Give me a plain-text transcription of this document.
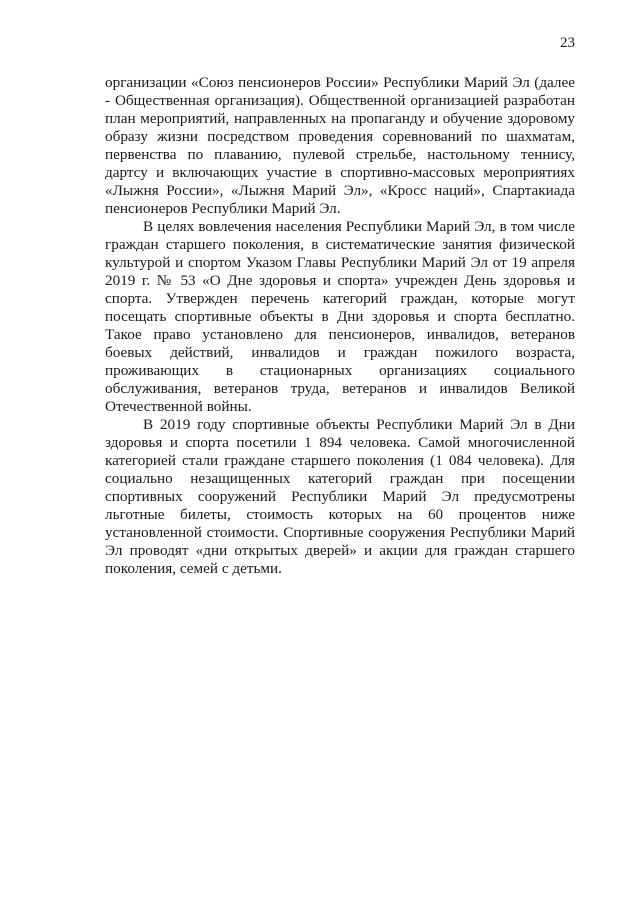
23

организации «Союз пенсионеров России» Республики Марий Эл (далее - Общественная организация). Общественной организацией разработан план мероприятий, направленных на пропаганду и обучение здоровому образу жизни посредством проведения соревнований по шахматам, первенства по плаванию, пулевой стрельбе, настольному теннису, дартсу и включающих участие в спортивно-массовых мероприятиях «Лыжня России», «Лыжня Марий Эл», «Кросс наций», Спартакиада пенсионеров Республики Марий Эл.

В целях вовлечения населения Республики Марий Эл, в том числе граждан старшего поколения, в систематические занятия физической культурой и спортом Указом Главы Республики Марий Эл от 19 апреля 2019 г. № 53 «О Дне здоровья и спорта» учрежден День здоровья и спорта. Утвержден перечень категорий граждан, которые могут посещать спортивные объекты в Дни здоровья и спорта бесплатно. Такое право установлено для пенсионеров, инвалидов, ветеранов боевых действий, инвалидов и граждан пожилого возраста, проживающих в стационарных организациях социального обслуживания, ветеранов труда, ветеранов и инвалидов Великой Отечественной войны.

В 2019 году спортивные объекты Республики Марий Эл в Дни здоровья и спорта посетили 1 894 человека. Самой многочисленной категорией стали граждане старшего поколения (1 084 человека). Для социально незащищенных категорий граждан при посещении спортивных сооружений Республики Марий Эл предусмотрены льготные билеты, стоимость которых на 60 процентов ниже установленной стоимости. Спортивные сооружения Республики Марий Эл проводят «дни открытых дверей» и акции для граждан старшего поколения, семей с детьми.
